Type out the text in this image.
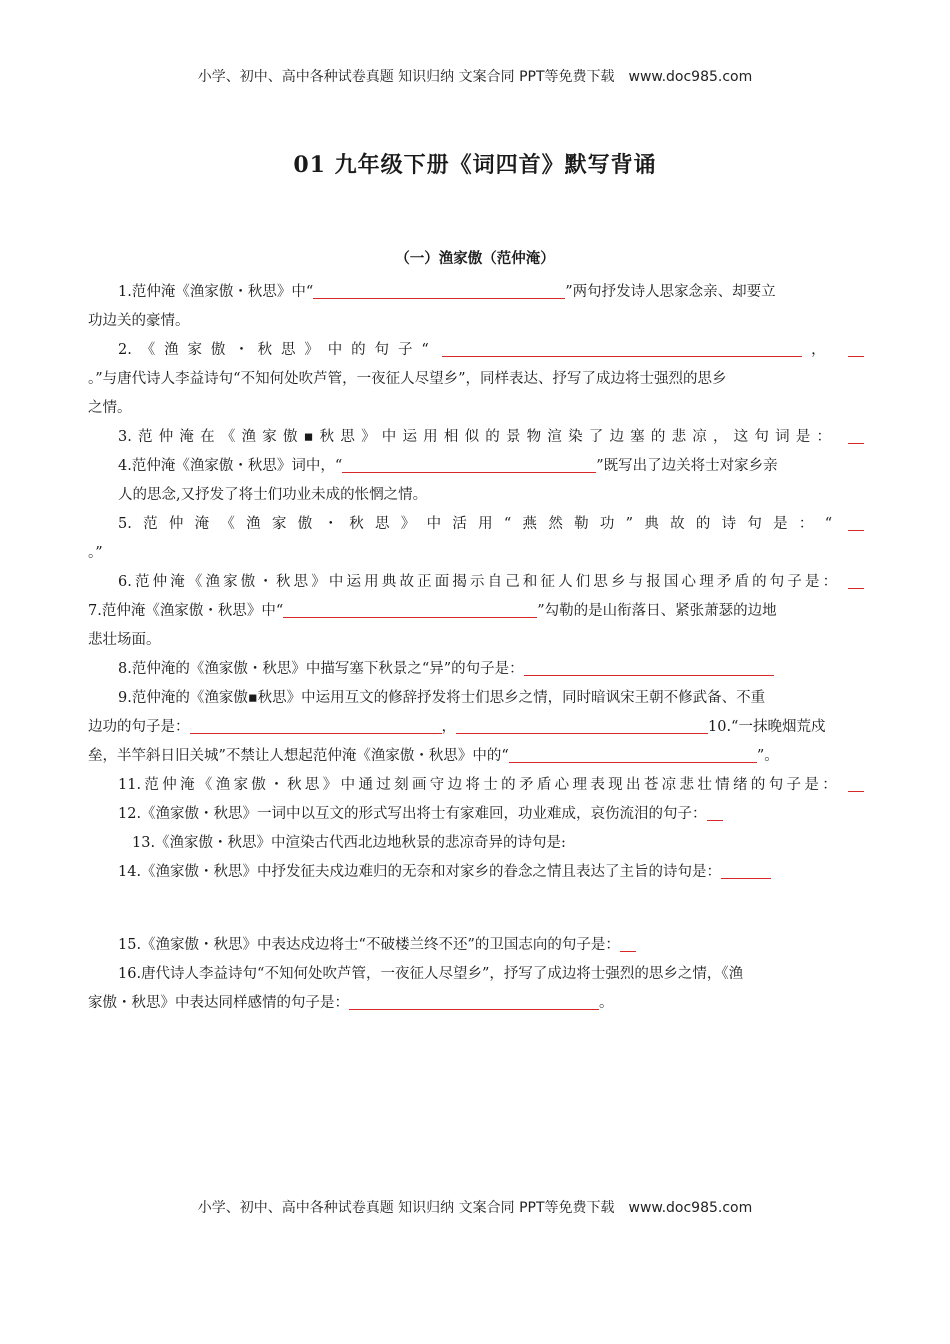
小学、初中、高中各种试卷真题 知识归纳 文案合同 PPT等免费下载　www.doc985.com
01 九年级下册《词四首》默写背诵
（一）渔家傲（范仲淹）

1.范仲淹《渔家傲・秋思》中“	”两句抒发诗人思家念亲、却要立

功边关的豪情。

2.《渔家傲・秋思》中的句子“	，

。”与唐代诗人李益诗句“不知何处吹芦管，一夜征人尽望乡”，同样表达、抒写了成边将士强烈的思乡

之情。

3.范仲淹在《渔家傲▪秋思》中运用相似的景物渲染了边塞的悲凉，这句词是：

4.范仲淹《渔家傲・秋思》词中，“	”既写出了边关将士对家乡亲

人的思念,又抒发了将士们功业未成的怅惘之情。

5.范仲淹《渔家傲・秋思》中活用“燕然勒功”典故的诗句是：“

。”

6.范仲淹《渔家傲・秋思》中运用典故正面揭示自己和征人们思乡与报国心理矛盾的句子是：

7.范仲淹《渔家傲・秋思》中“	”勾勒的是山衔落日、紧张萧瑟的边地

悲壮场面。

8.范仲淹的《渔家傲・秋思》中描写塞下秋景之“异”的句子是：

9.范仲淹的《渔家傲▪秋思》中运用互文的修辞抒发将士们思乡之情，同时暗讽宋王朝不修武备、不重

边功的句子是：	，	10.“一抹晚烟荒戍

垒，半竿斜日旧关城”不禁让人想起范仲淹《渔家傲・秋思》中的“	”。

11.范仲淹《渔家傲・秋思》中通过刻画守边将士的矛盾心理表现出苍凉悲壮情绪的句子是：

12.《渔家傲・秋思》一词中以互文的形式写出将士有家难回，功业难成，哀伤流泪的句子：

13.《渔家傲・秋思》中渲染古代西北边地秋景的悲凉奇异的诗句是:

14.《渔家傲・秋思》中抒发征夫戍边难归的无奈和对家乡的眷念之情且表达了主旨的诗句是：

15.《渔家傲・秋思》中表达戍边将士“不破楼兰终不还”的卫国志向的句子是：

16.唐代诗人李益诗句“不知何处吹芦管，一夜征人尽望乡”，抒写了成边将士强烈的思乡之情，《渔

家傲・秋思》中表达同样感情的句子是：	。

小学、初中、高中各种试卷真题 知识归纳 文案合同 PPT等免费下载　www.doc985.com
